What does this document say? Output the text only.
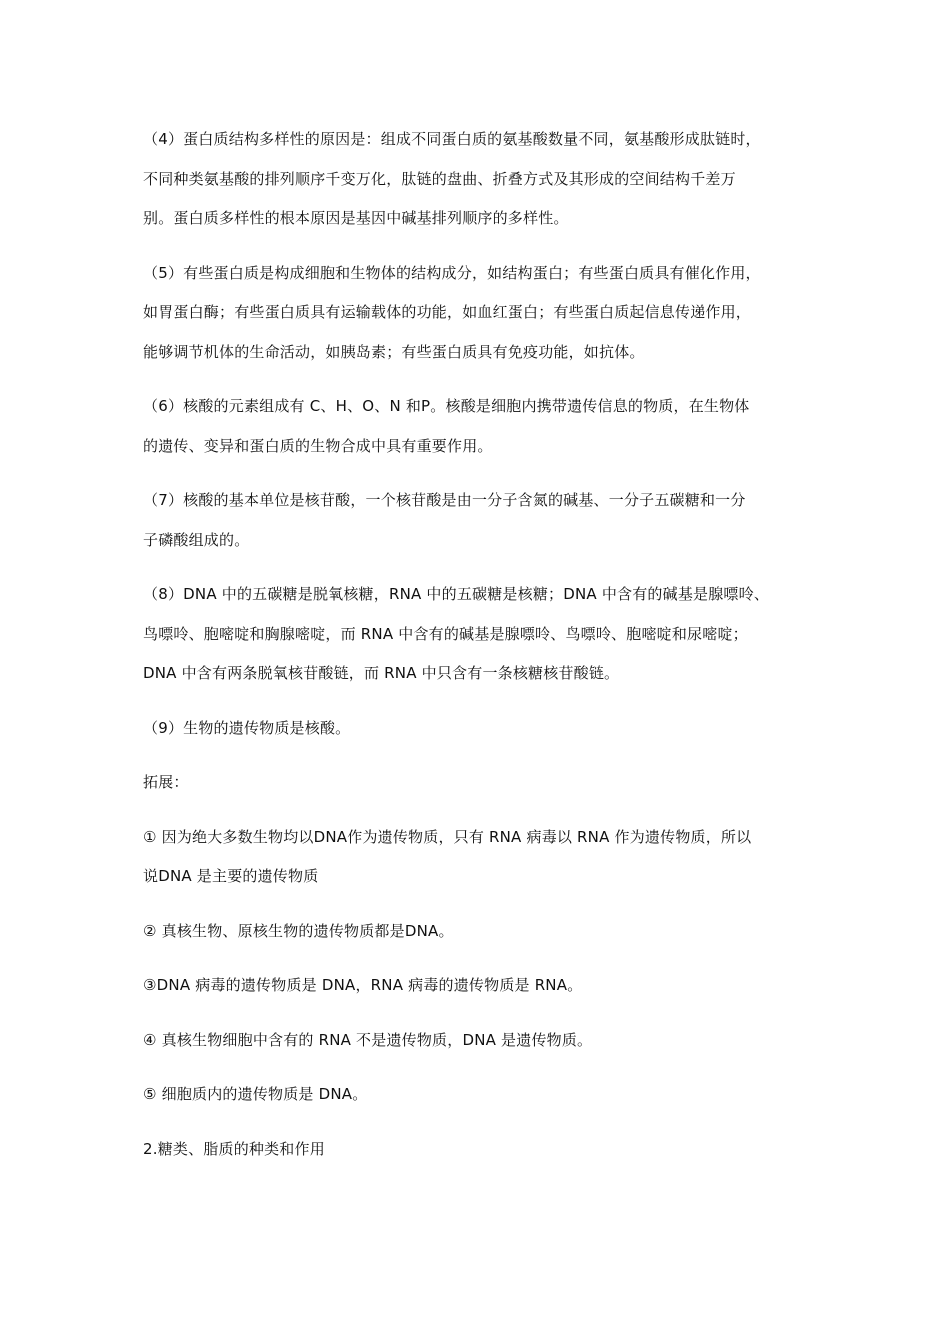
（4）蛋白质结构多样性的原因是：组成不同蛋白质的氨基酸数量不同，氨基酸形成肽链时，
不同种类氨基酸的排列顺序千变万化，肽链的盘曲、折叠方式及其形成的空间结构千差万
别。蛋白质多样性的根本原因是基因中碱基排列顺序的多样性。

（5）有些蛋白质是构成细胞和生物体的结构成分，如结构蛋白；有些蛋白质具有催化作用，
如胃蛋白酶；有些蛋白质具有运输载体的功能，如血红蛋白；有些蛋白质起信息传递作用，
能够调节机体的生命活动，如胰岛素；有些蛋白质具有免疫功能，如抗体。

（6）核酸的元素组成有 C、H、O、N 和P。核酸是细胞内携带遗传信息的物质，在生物体
的遗传、变异和蛋白质的生物合成中具有重要作用。

（7）核酸的基本单位是核苷酸，一个核苷酸是由一分子含氮的碱基、一分子五碳糖和一分
子磷酸组成的。

（8）DNA 中的五碳糖是脱氧核糖，RNA 中的五碳糖是核糖；DNA 中含有的碱基是腺嘌呤、
鸟嘌呤、胞嘧啶和胸腺嘧啶，而 RNA 中含有的碱基是腺嘌呤、鸟嘌呤、胞嘧啶和尿嘧啶；
DNA 中含有两条脱氧核苷酸链，而 RNA 中只含有一条核糖核苷酸链。

（9）生物的遗传物质是核酸。

拓展：

① 因为绝大多数生物均以DNA作为遗传物质，只有 RNA 病毒以 RNA 作为遗传物质，所以
说DNA 是主要的遗传物质

② 真核生物、原核生物的遗传物质都是DNA。

③DNA 病毒的遗传物质是 DNA，RNA 病毒的遗传物质是 RNA。

④ 真核生物细胞中含有的 RNA 不是遗传物质，DNA 是遗传物质。

⑤ 细胞质内的遗传物质是 DNA。

2.糖类、脂质的种类和作用
